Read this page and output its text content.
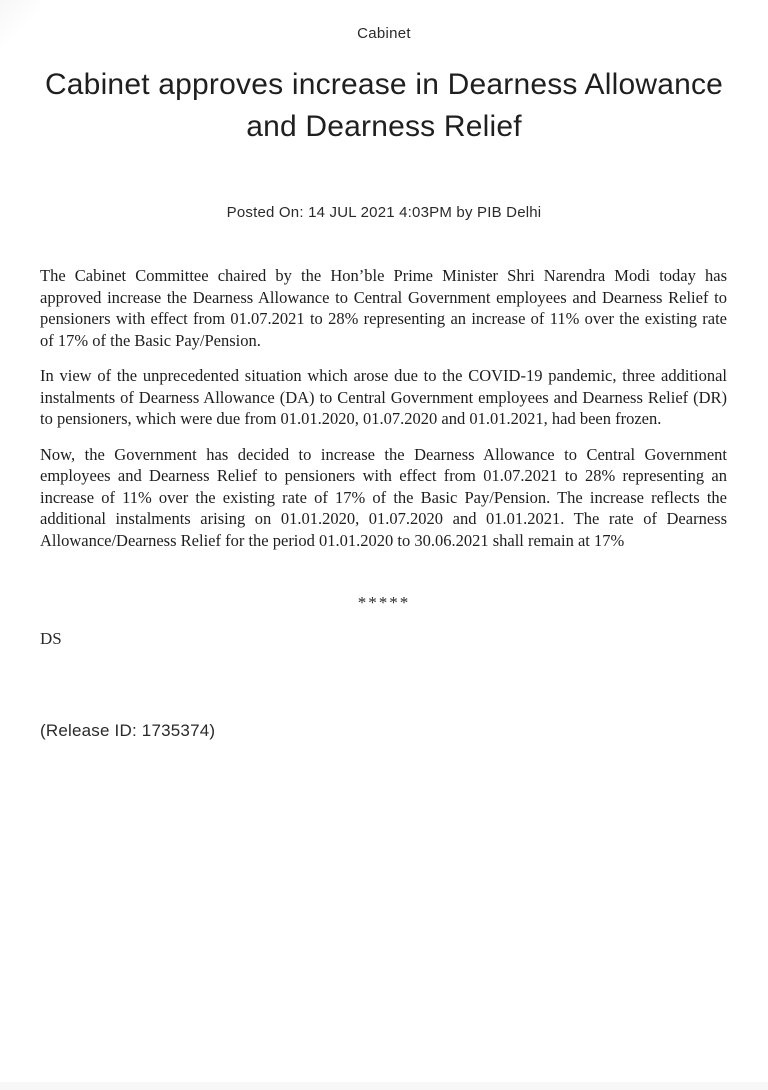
Cabinet
Cabinet approves increase in Dearness Allowance and Dearness Relief
Posted On: 14 JUL 2021 4:03PM by PIB Delhi

The Cabinet Committee chaired by the Hon’ble Prime Minister Shri Narendra Modi today has approved increase the Dearness Allowance to Central Government employees and Dearness Relief to pensioners with effect from 01.07.2021 to 28% representing an increase of 11% over the existing rate of 17% of the Basic Pay/Pension.

In view of the unprecedented situation which arose due to the COVID-19 pandemic, three additional instalments of Dearness Allowance (DA) to Central Government employees and Dearness Relief (DR) to pensioners, which were due from 01.01.2020, 01.07.2020 and 01.01.2021, had been frozen.

Now, the Government has decided to increase the Dearness Allowance to Central Government employees and Dearness Relief to pensioners with effect from 01.07.2021 to 28% representing an increase of 11% over the existing rate of 17% of the Basic Pay/Pension. The increase reflects the additional instalments arising on 01.01.2020, 01.07.2020 and 01.01.2021. The rate of Dearness Allowance/Dearness Relief for the period 01.01.2020 to 30.06.2021 shall remain at 17%

*****
DS
(Release ID: 1735374)
